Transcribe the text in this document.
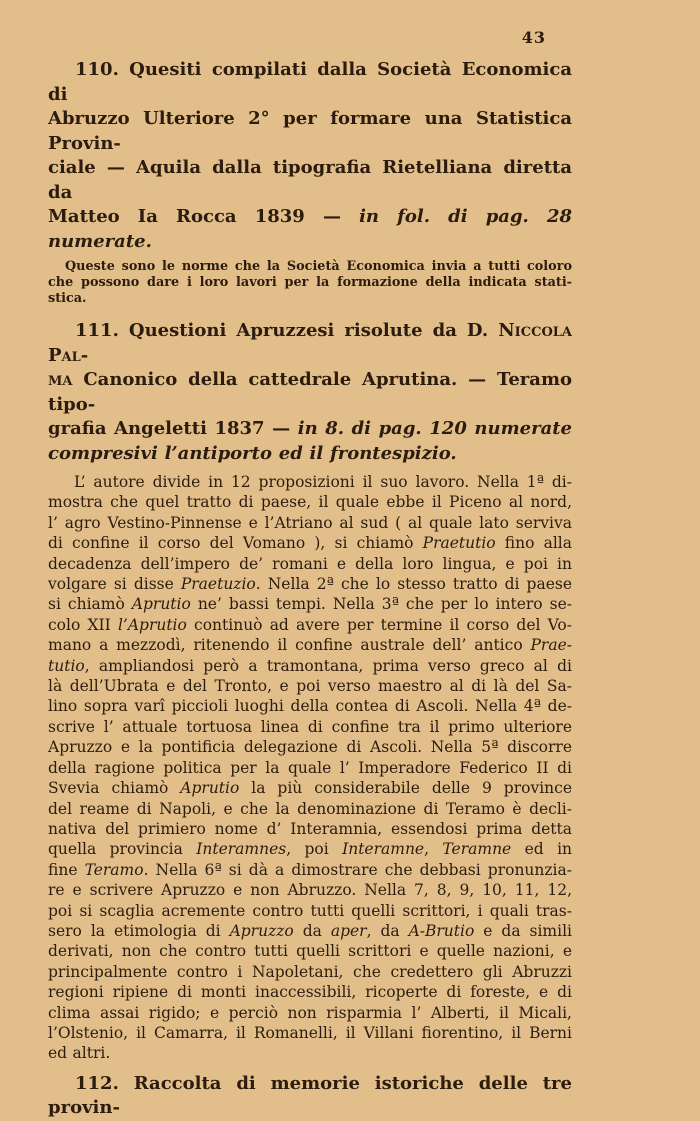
43
110. Quesiti compilati dalla Società Economica di
Abruzzo Ulteriore 2° per formare una Statistica Provin-
ciale — Aquila dalla tipografia Rietelliana diretta da
Matteo Ia Rocca 1839 — in fol. di pag. 28 numerate.
Queste sono le norme che la Società Economica invia a tutti coloro
che possono dare i loro lavori per la formazione della indicata stati-
stica.
111. Questioni Apruzzesi risolute da D. Niccola Pal-
ma Canonico della cattedrale Aprutina. — Teramo tipo-
grafia Angeletti 1837 — in 8. di pag. 120 numerate
compresivi l’antiporto ed il frontespizio.
L’ autore divide in 12 proposizioni il suo lavoro. Nella 1ª di-
mostra che quel tratto di paese, il quale ebbe il Piceno al nord,
l’ agro Vestino-Pinnense e l’Atriano al sud ( al quale lato serviva
di confine il corso del Vomano ), si chiamò Praetutio fino alla
decadenza dell’impero de’ romani e della loro lingua, e poi in
volgare si disse Praetuzio. Nella 2ª che lo stesso tratto di paese
si chiamò Aprutio ne’ bassi tempi. Nella 3ª che per lo intero se-
colo XII l’Aprutio continuò ad avere per termine il corso del Vo-
mano a mezzodì, ritenendo il confine australe dell’ antico Prae-
tutio, ampliandosi però a tramontana, prima verso greco al di
là dell’Ubrata e del Tronto, e poi verso maestro al di là del Sa-
lino sopra varî piccioli luoghi della contea di Ascoli. Nella 4ª de-
scrive l’ attuale tortuosa linea di confine tra il primo ulteriore
Apruzzo e la pontificia delegazione di Ascoli. Nella 5ª discorre
della ragione politica per la quale l’ Imperadore Federico II di
Svevia chiamò Aprutio la più considerabile delle 9 province
del reame di Napoli, e che la denominazione di Teramo è decli-
nativa del primiero nome d’ Interamnia, essendosi prima detta
quella provincia Interamnes, poi Interamne, Teramne ed in
fine Teramo. Nella 6ª si dà a dimostrare che debbasi pronunzia-
re e scrivere Apruzzo e non Abruzzo. Nella 7, 8, 9, 10, 11, 12,
poi si scaglia acremente contro tutti quelli scrittori, i quali tras-
sero la etimologia di Apruzzo da aper, da A-Brutio e da simili
derivati, non che contro tutti quelli scrittori e quelle nazioni, e
principalmente contro i Napoletani, che credettero gli Abruzzi
regioni ripiene di monti inaccessibili, ricoperte di foreste, e di
clima assai rigido; e perciò non risparmia l’ Alberti, il Micali,
l’Olstenio, il Camarra, il Romanelli, il Villani fiorentino, il Berni
ed altri.
112. Raccolta di memorie istoriche delle tre provin-
